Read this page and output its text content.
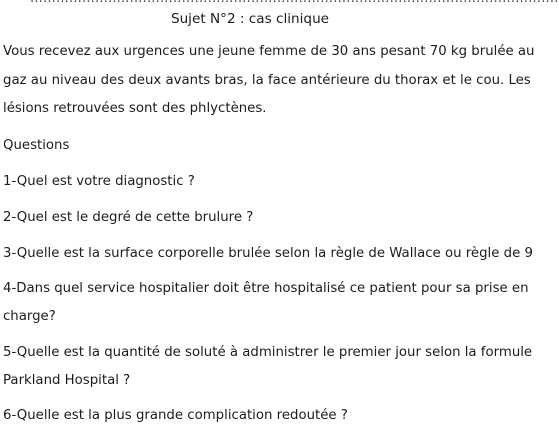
Sujet N°2 : cas clinique
Vous recevez aux urgences une jeune femme de 30 ans pesant 70 kg brulée au
gaz au niveau des deux avants bras, la face antérieure du thorax et le cou. Les
lésions retrouvées sont des phlyctènes.
Questions
1-Quel est votre diagnostic ?
2-Quel est le degré de cette brulure ?
3-Quelle est la surface corporelle brulée selon la règle de Wallace ou règle de 9
4-Dans quel service hospitalier doit être hospitalisé ce patient pour sa prise en
charge?
5-Quelle est la quantité de soluté à administrer le premier jour selon la formule
Parkland Hospital ?
6-Quelle est la plus grande complication redoutée ?
